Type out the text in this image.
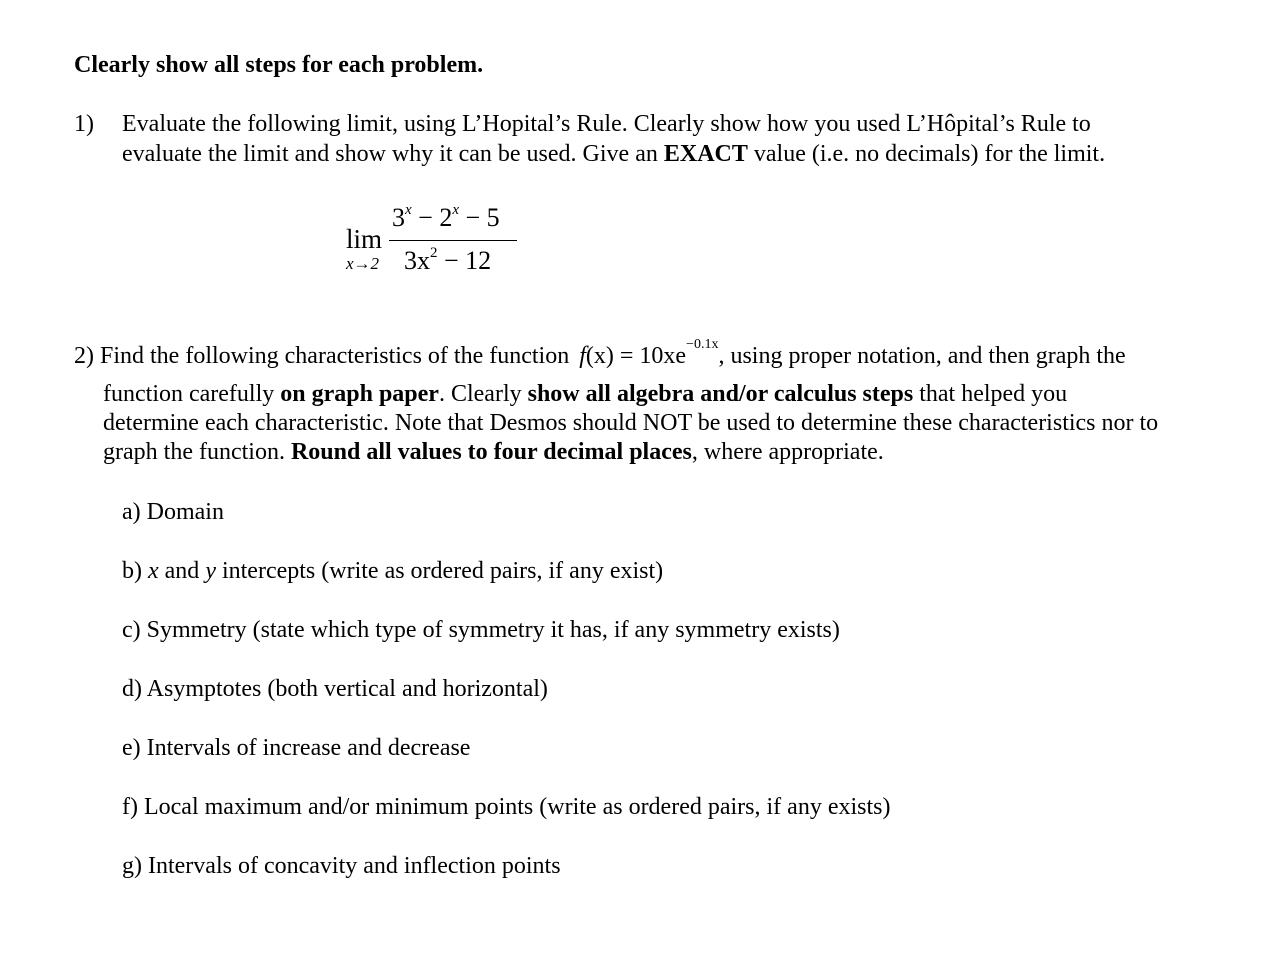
Clearly show all steps for each problem.
1) Evaluate the following limit, using L’Hopital’s Rule. Clearly show how you used L’Hôpital’s Rule to
evaluate the limit and show why it can be used. Give an EXACT value (i.e. no decimals) for the limit.
lim
x→2
$3^x - 2^x - 5$
$3x^2 - 12$
2) Find the following characteristics of the function $f(x) = 10xe^{-0.1x}$, using proper notation, and then graph the
function carefully on graph paper. Clearly show all algebra and/or calculus steps that helped you
determine each characteristic. Note that Desmos should NOT be used to determine these characteristics nor to
graph the function. Round all values to four decimal places, where appropriate.
a) Domain
b) x and y intercepts (write as ordered pairs, if any exist)
c) Symmetry (state which type of symmetry it has, if any symmetry exists)
d) Asymptotes (both vertical and horizontal)
e) Intervals of increase and decrease
f) Local maximum and/or minimum points (write as ordered pairs, if any exists)
g) Intervals of concavity and inflection points
